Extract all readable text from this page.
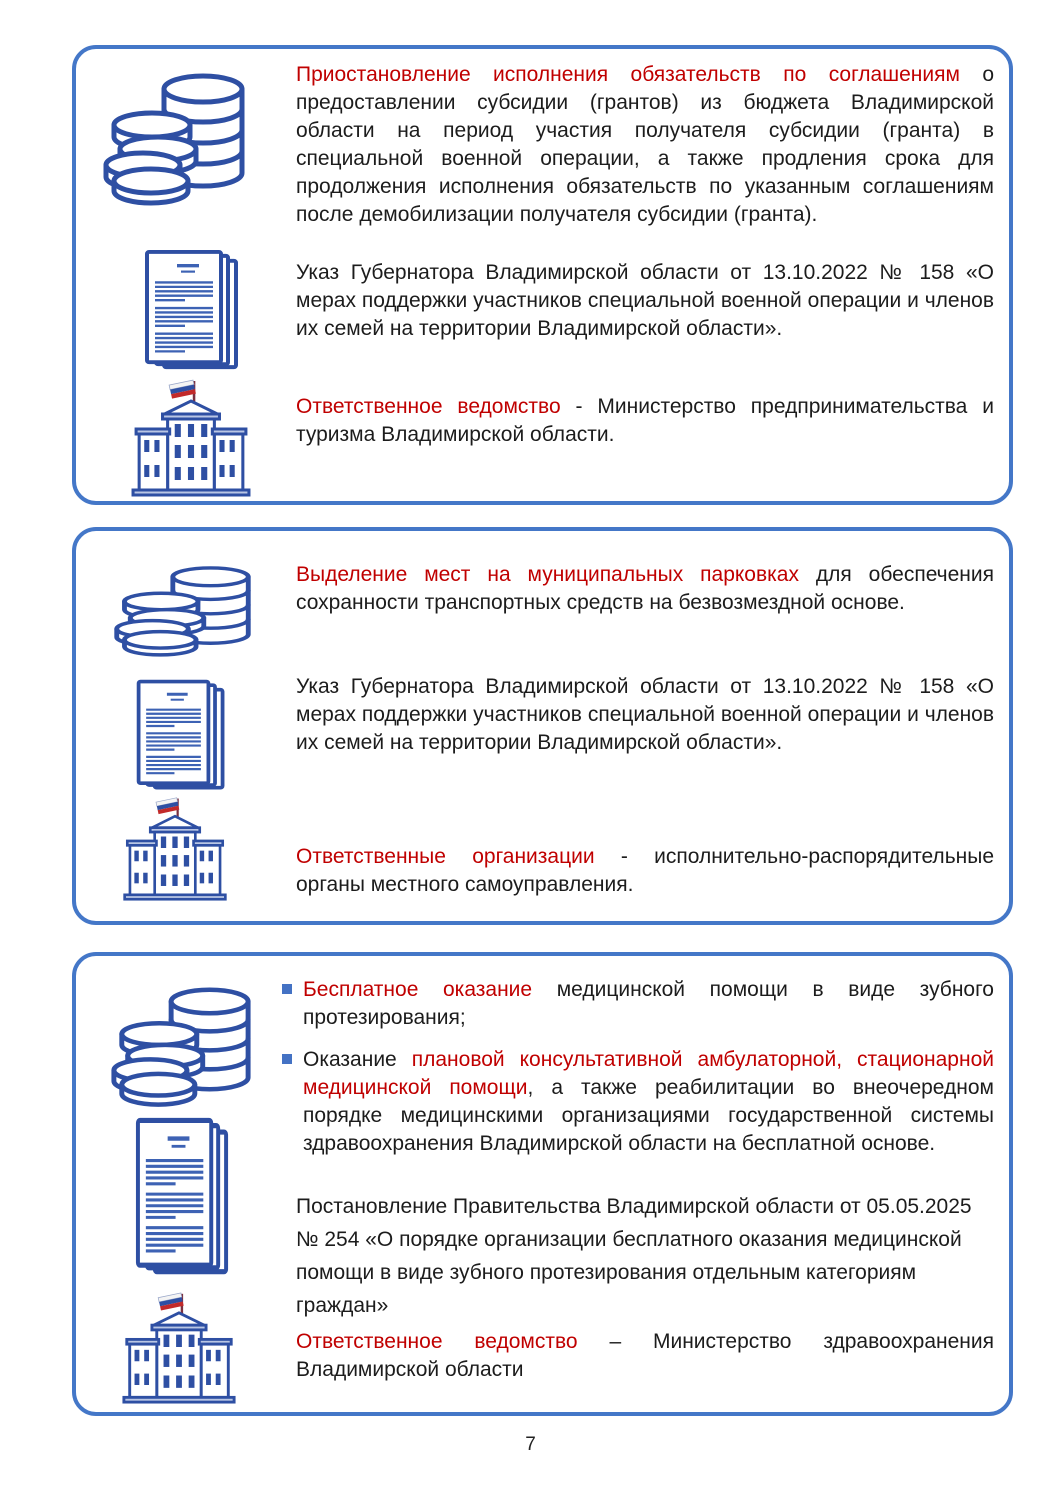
Приостановление исполнения обязательств по соглашениям о предоставлении субсидии (грантов) из бюджета Владимирской области на период участия получателя субсидии (гранта) в специальной военной операции, а также продления срока для продолжения исполнения обязательств по указанным соглашениям после демобилизации получателя субсидии (гранта).

Указ Губернатора Владимирской области от 13.10.2022 № 158 «О мерах поддержки участников специальной военной операции и членов их семей на территории Владимирской области».

Ответственное ведомство - Министерство предпринимательства и туризма Владимирской области.

Выделение мест на муниципальных парковках для обеспечения сохранности транспортных средств на безвозмездной основе.

Указ Губернатора Владимирской области от 13.10.2022 № 158 «О мерах поддержки участников специальной военной операции и членов их семей на территории Владимирской области».

Ответственные организации - исполнительно-распорядительные органы местного самоуправления.

Бесплатное оказание медицинской помощи в виде зубного протезирования;
Оказание плановой консультативной амбулаторной, стационарной медицинской помощи, а также реабилитации во внеочередном порядке медицинскими организациями государственной системы здравоохранения Владимирской области на бесплатной основе.

Постановление Правительства Владимирской области от 05.05.2025 № 254 «О порядке организации бесплатного оказания медицинской помощи в виде зубного протезирования отдельным категориям граждан»

Ответственное ведомство – Министерство здравоохранения Владимирской области

7
